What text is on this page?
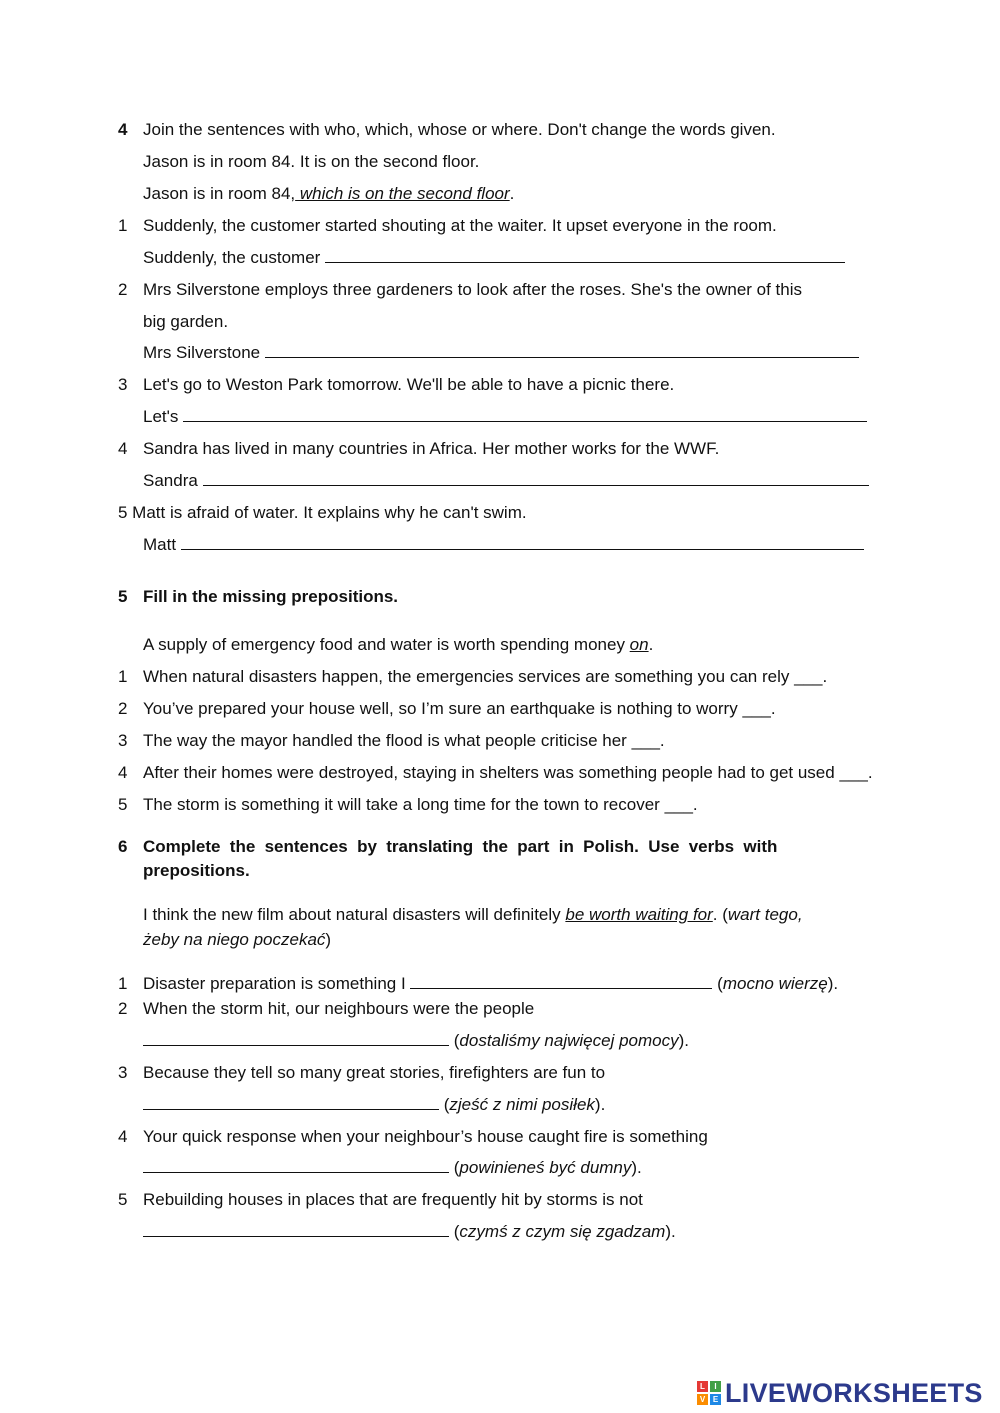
4 Join the sentences with who, which, whose or where. Don't change the words given.
Jason is in room 84. It is on the second floor.
Jason is in room 84, which is on the second floor.
1 Suddenly, the customer started shouting at the waiter. It upset everyone in the room.
Suddenly, the customer
2 Mrs Silverstone employs three gardeners to look after the roses. She's the owner of this
big garden.
Mrs Silverstone
3 Let's go to Weston Park tomorrow. We'll be able to have a picnic there.
Let's
4 Sandra has lived in many countries in Africa. Her mother works for the WWF.
Sandra
5 Matt is afraid of water. It explains why he can't swim.
Matt
5 Fill in the missing prepositions.
A supply of emergency food and water is worth spending money on.
1 When natural disasters happen, the emergencies services are something you can rely ___.
2 You’ve prepared your house well, so I’m sure an earthquake is nothing to worry ___.
3 The way the mayor handled the flood is what people criticise her ___.
4 After their homes were destroyed, staying in shelters was something people had to get used ___.
5 The storm is something it will take a long time for the town to recover ___.
6 Complete the sentences by translating the part in Polish. Use verbs with
prepositions.
I think the new film about natural disasters will definitely be worth waiting for. (wart tego,
żeby na niego poczekać)
1 Disaster preparation is something I	(mocno wierzę).
2 When the storm hit, our neighbours were the people
(dostaliśmy najwięcej pomocy).
3 Because they tell so many great stories, firefighters are fun to
(zjeść z nimi posiłek).
4 Your quick response when your neighbour’s house caught fire is something
(powinieneś być dumny).
5 Rebuilding houses in places that are frequently hit by storms is not
(czymś z czym się zgadzam).
L	I
V E LIVEWORKSHEETS
